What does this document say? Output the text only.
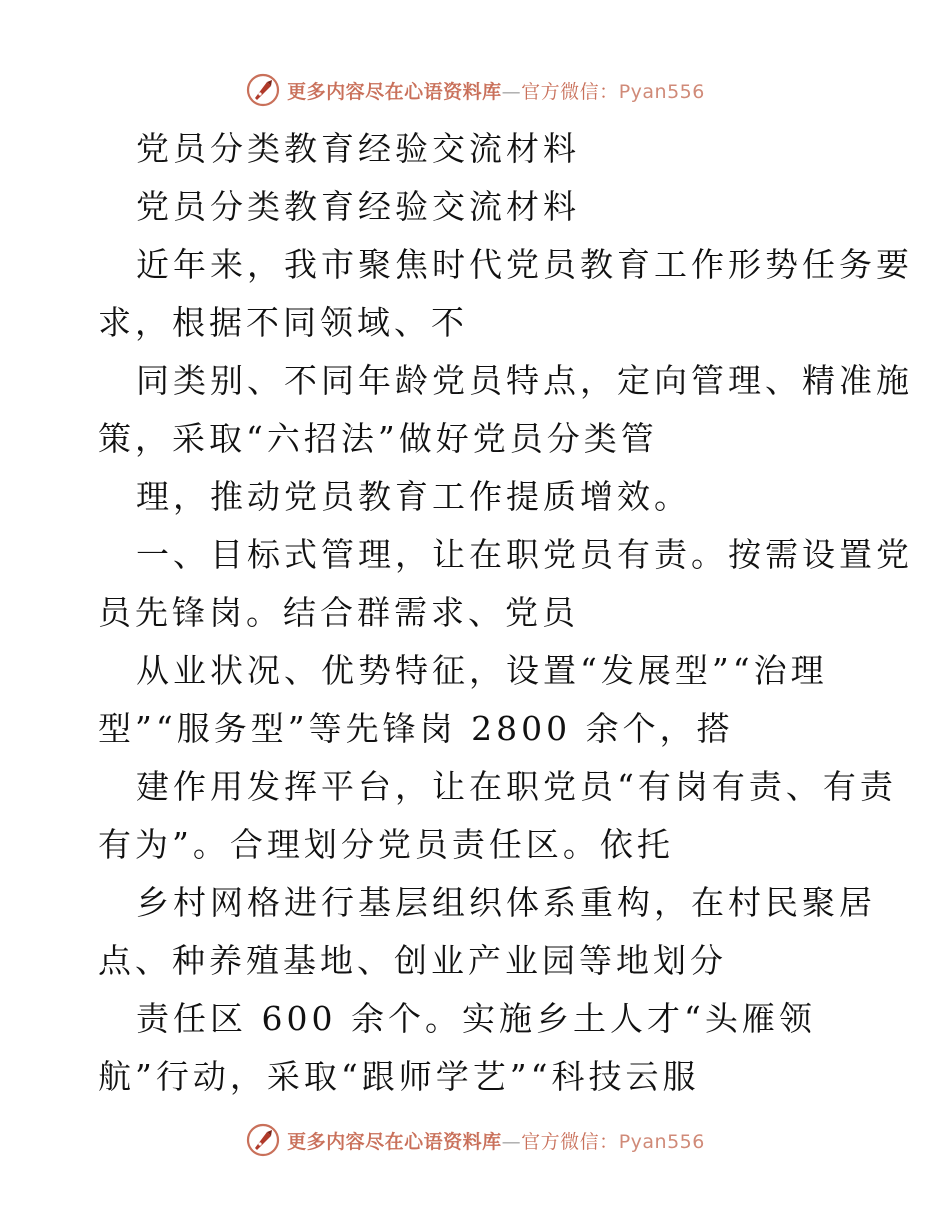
更多内容尽在心语资料库—官方微信：Pyan556
党员分类教育经验交流材料
党员分类教育经验交流材料
近年来，我市聚焦时代党员教育工作形势任务要
求，根据不同领域、不
同类别、不同年龄党员特点，定向管理、精准施
策，采取“六招法”做好党员分类管
理，推动党员教育工作提质增效。
一、目标式管理，让在职党员有责。按需设置党
员先锋岗。结合群需求、党员
从业状况、优势特征，设置“发展型”“治理
型”“服务型”等先锋岗 2800 余个，搭
建作用发挥平台，让在职党员“有岗有责、有责
有为”。合理划分党员责任区。依托
乡村网格进行基层组织体系重构，在村民聚居
点、种养殖基地、创业产业园等地划分
责任区 600 余个。实施乡土人才“头雁领
航”行动，采取“跟师学艺”“科技云服
更多内容尽在心语资料库—官方微信：Pyan556
